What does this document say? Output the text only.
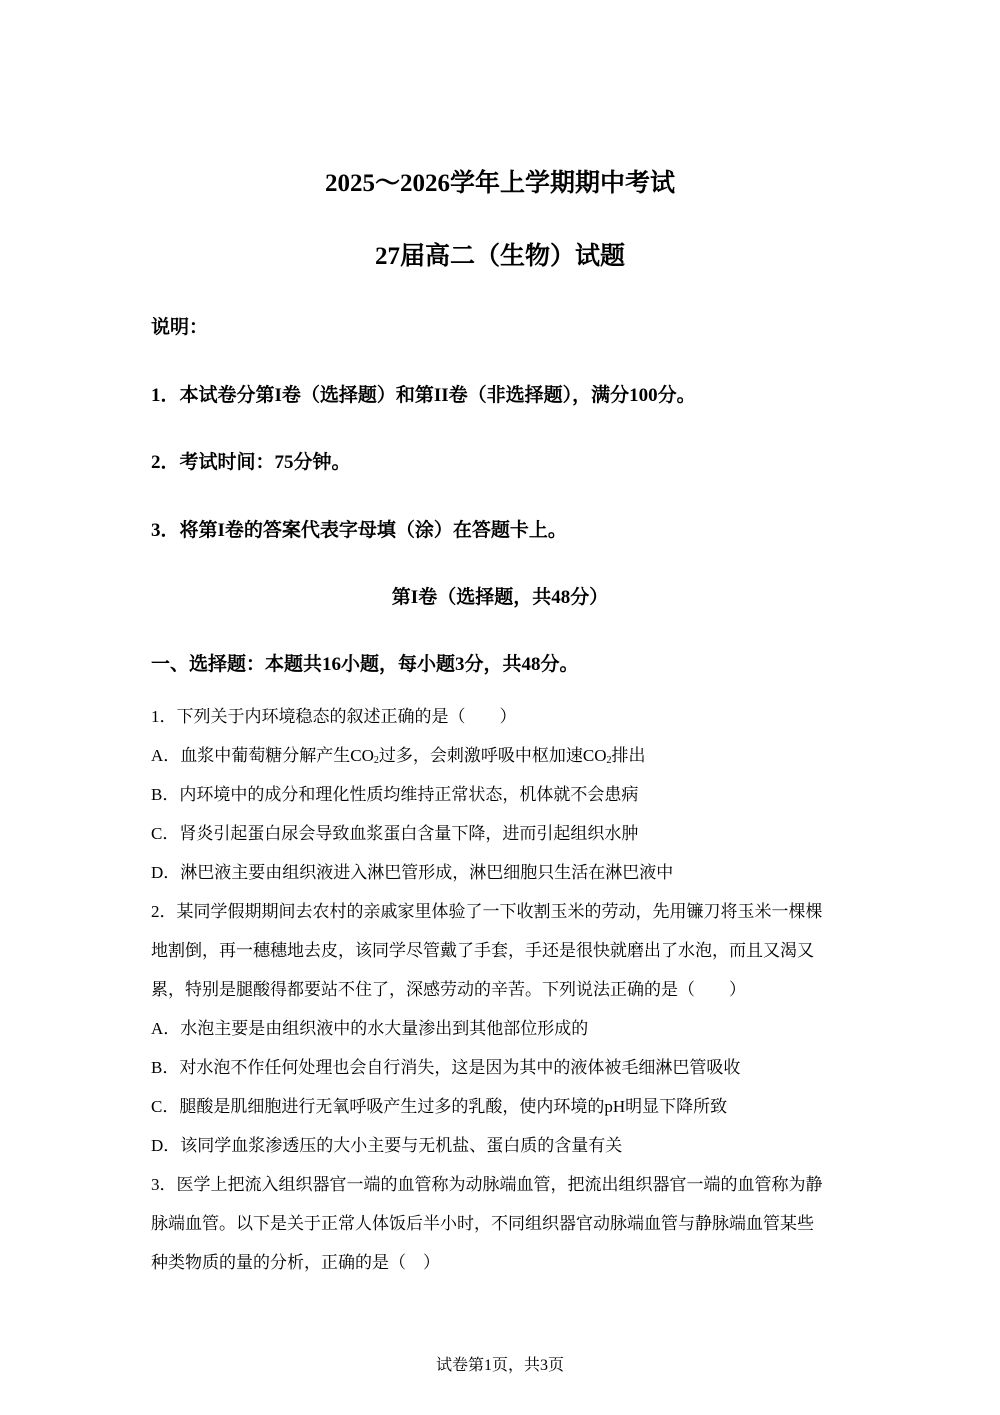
2025～2026学年上学期期中考试
27届高二（生物）试题
说明：
1．本试卷分第I卷（选择题）和第II卷（非选择题），满分100分。
2．考试时间：75分钟。
3．将第I卷的答案代表字母填（涂）在答题卡上。
第I卷（选择题，共48分）
一、选择题：本题共16小题，每小题3分，共48分。
1．下列关于内环境稳态的叙述正确的是（　　）
A．血浆中葡萄糖分解产生$CO_2$过多，会刺激呼吸中枢加速$CO_2$排出
B．内环境中的成分和理化性质均维持正常状态，机体就不会患病
C．肾炎引起蛋白尿会导致血浆蛋白含量下降，进而引起组织水肿
D．淋巴液主要由组织液进入淋巴管形成，淋巴细胞只生活在淋巴液中
2．某同学假期期间去农村的亲戚家里体验了一下收割玉米的劳动，先用镰刀将玉米一棵棵
地割倒，再一穗穗地去皮，该同学尽管戴了手套，手还是很快就磨出了水泡，而且又渴又
累，特别是腿酸得都要站不住了，深感劳动的辛苦。下列说法正确的是（　　）
A．水泡主要是由组织液中的水大量渗出到其他部位形成的
B．对水泡不作任何处理也会自行消失，这是因为其中的液体被毛细淋巴管吸收
C．腿酸是肌细胞进行无氧呼吸产生过多的乳酸，使内环境的pH明显下降所致
D．该同学血浆渗透压的大小主要与无机盐、蛋白质的含量有关
3．医学上把流入组织器官一端的血管称为动脉端血管，把流出组织器官一端的血管称为静
脉端血管。以下是关于正常人体饭后半小时，不同组织器官动脉端血管与静脉端血管某些
种类物质的量的分析，正确的是（　）
试卷第1页，共3页
